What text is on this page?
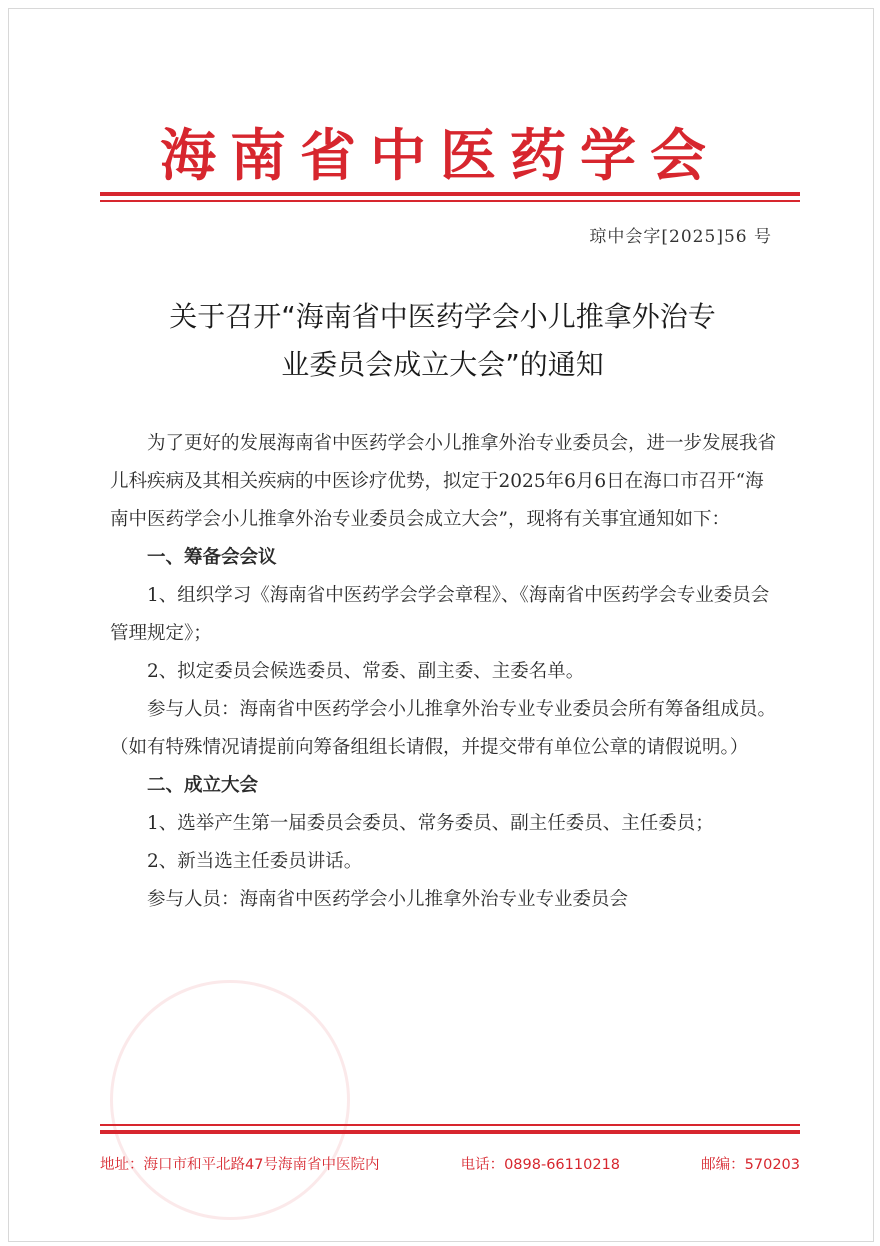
海南省中医药学会
琼中会字[2025]56 号
关于召开“海南省中医药学会小儿推拿外治专
业委员会成立大会”的通知

为了更好的发展海南省中医药学会小儿推拿外治专业委员会，进一步发展我省儿科疾病及其相关疾病的中医诊疗优势，拟定于2025年6月6日在海口市召开“海南中医药学会小儿推拿外治专业委员会成立大会”，现将有关事宜通知如下：

一、筹备会会议

1、组织学习《海南省中医药学会学会章程》、《海南省中医药学会专业委员会管理规定》；

2、拟定委员会候选委员、常委、副主委、主委名单。

参与人员：海南省中医药学会小儿推拿外治专业专业委员会所有筹备组成员。（如有特殊情况请提前向筹备组组长请假，并提交带有单位公章的请假说明。）

二、成立大会

1、选举产生第一届委员会委员、常务委员、副主任委员、主任委员；

2、新当选主任委员讲话。

参与人员：海南省中医药学会小儿推拿外治专业专业委员会

地址：海口市和平北路47号海南省中医院内	电话：0898-66110218	邮编：570203
